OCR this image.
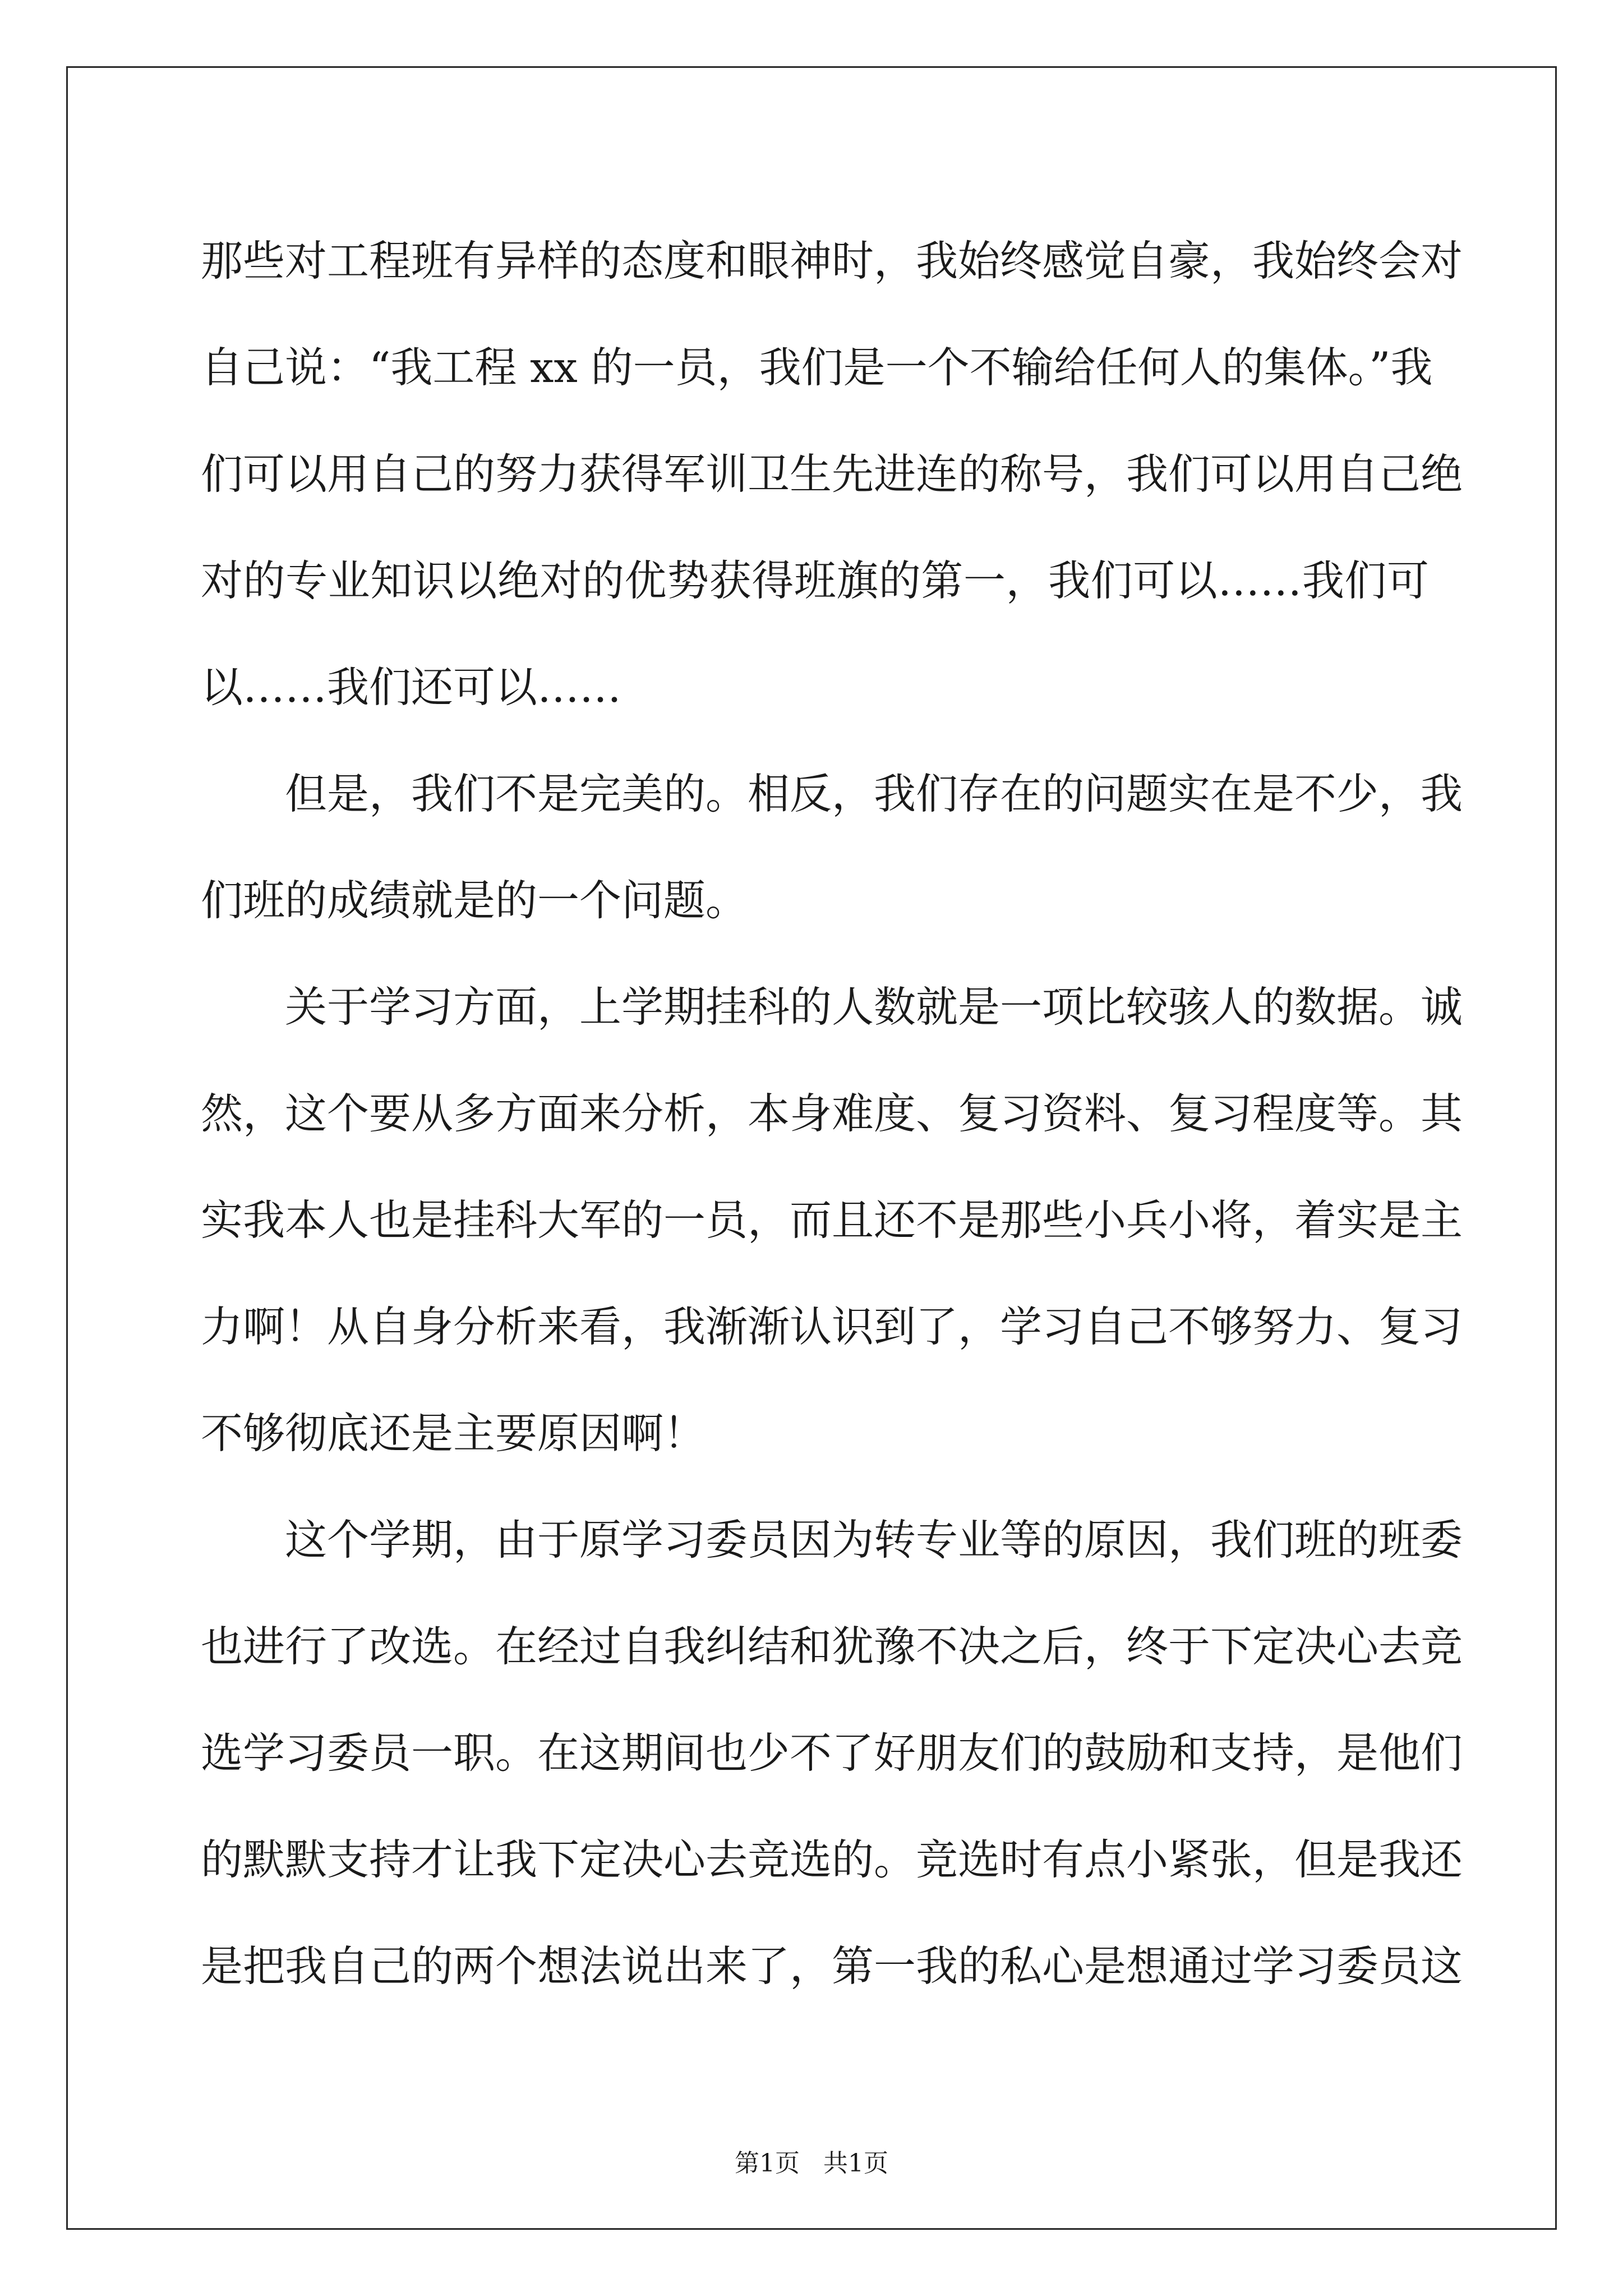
那些对工程班有异样的态度和眼神时，我始终感觉自豪，我始终会对
自己说：“我工程 xx 的一员，我们是一个不输给任何人的集体。”我
们可以用自己的努力获得军训卫生先进连的称号，我们可以用自己绝
对的专业知识以绝对的优势获得班旗的第一，我们可以……我们可
以……我们还可以……
但是，我们不是完美的。相反，我们存在的问题实在是不少，我
们班的成绩就是的一个问题。
关于学习方面，上学期挂科的人数就是一项比较骇人的数据。诚
然，这个要从多方面来分析，本身难度、复习资料、复习程度等。其
实我本人也是挂科大军的一员，而且还不是那些小兵小将，着实是主
力啊！从自身分析来看，我渐渐认识到了，学习自己不够努力、复习
不够彻底还是主要原因啊！
这个学期，由于原学习委员因为转专业等的原因，我们班的班委
也进行了改选。在经过自我纠结和犹豫不决之后，终于下定决心去竞
选学习委员一职。在这期间也少不了好朋友们的鼓励和支持，是他们
的默默支持才让我下定决心去竞选的。竞选时有点小紧张，但是我还
是把我自己的两个想法说出来了，第一我的私心是想通过学习委员这
第1页   共1页
